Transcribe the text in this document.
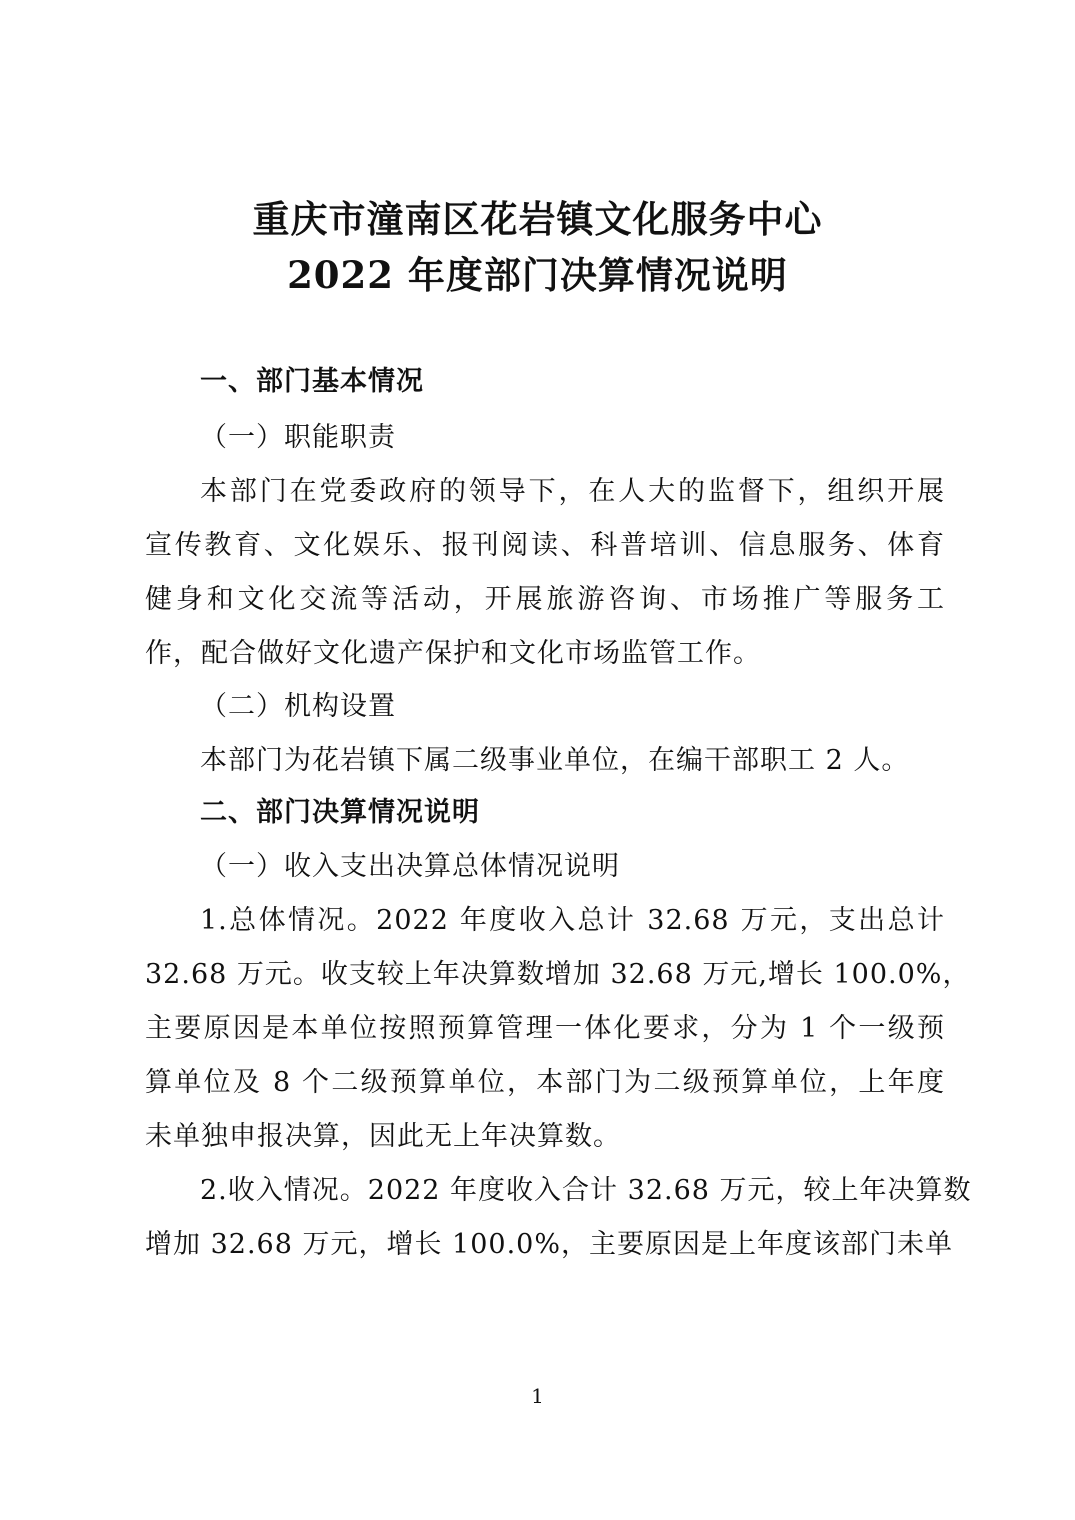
重庆市潼南区花岩镇文化服务中心
2022 年度部门决算情况说明
一、部门基本情况
（一）职能职责
本部门在党委政府的领导下，在人大的监督下，组织开展
宣传教育、文化娱乐、报刊阅读、科普培训、信息服务、体育
健身和文化交流等活动，开展旅游咨询、市场推广等服务工
作，配合做好文化遗产保护和文化市场监管工作。
（二）机构设置
本部门为花岩镇下属二级事业单位，在编干部职工 2 人。
二、部门决算情况说明
（一）收入支出决算总体情况说明
1.总体情况。2022 年度收入总计 32.68 万元，支出总计
32.68 万元。收支较上年决算数增加 32.68 万元,增长 100.0%，
主要原因是本单位按照预算管理一体化要求，分为 1 个一级预
算单位及 8 个二级预算单位，本部门为二级预算单位，上年度
未单独申报决算，因此无上年决算数。
2.收入情况。2022 年度收入合计 32.68 万元，较上年决算数
增加 32.68 万元，增长 100.0%，主要原因是上年度该部门未单
1
